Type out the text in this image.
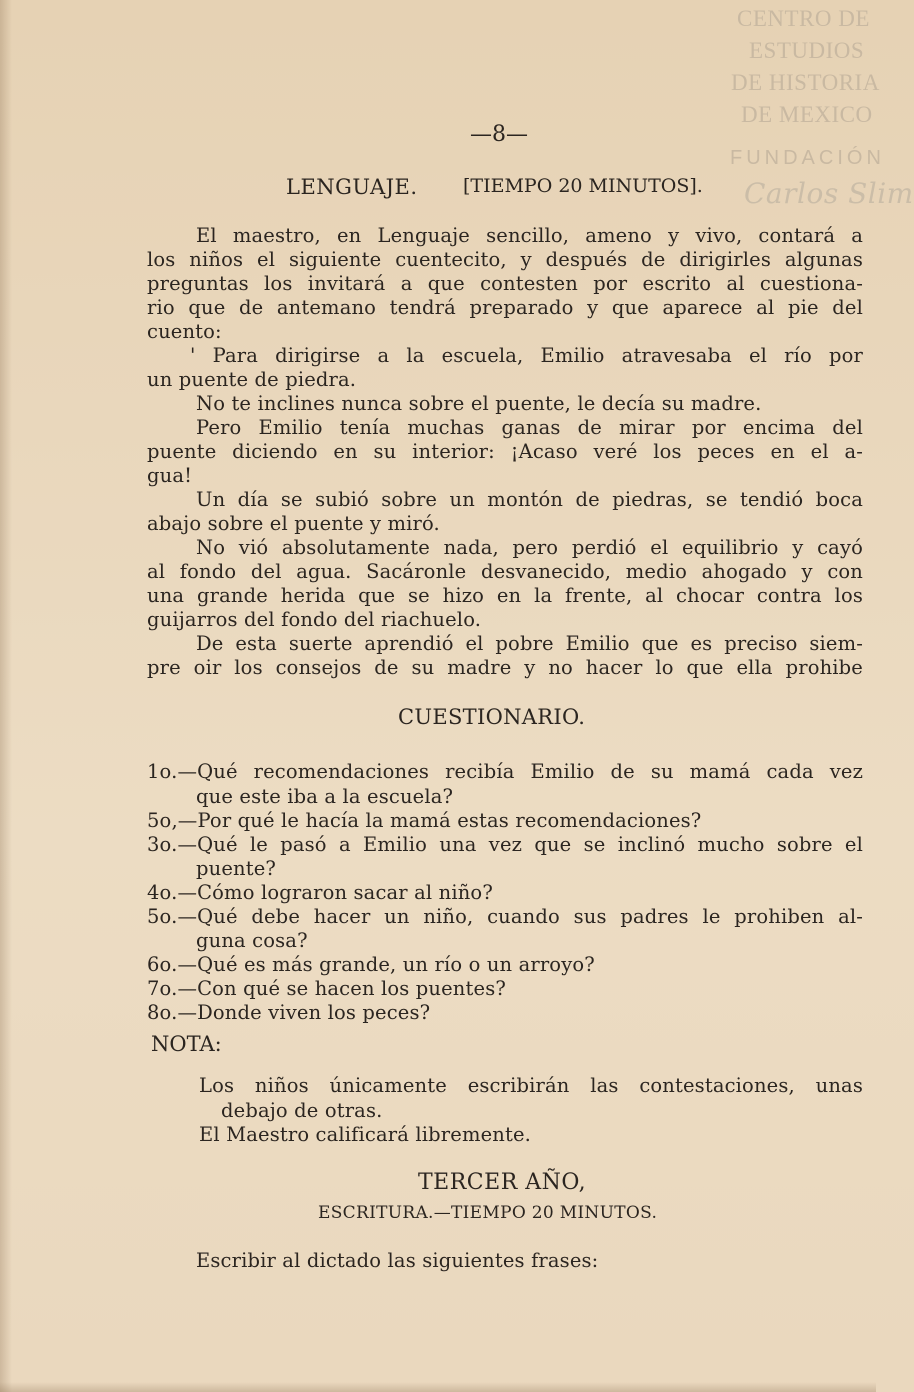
CENTRO DE
ESTUDIOS
DE HISTORIA
DE MEXICO
FUNDACIÓN
Carlos Slim
—8—
LENGUAJE. [TIEMPO 20 MINUTOS].
El maestro, en Lenguaje sencillo, ameno y vivo, contará a
los niños el siguiente cuentecito, y después de dirigirles algunas
preguntas los invitará a que contesten por escrito al cuestiona-
rio que de antemano tendrá preparado y que aparece al pie del
cuento:
' Para dirigirse a la escuela, Emilio atravesaba el río por
un puente de piedra.
No te inclines nunca sobre el puente, le decía su madre.
Pero Emilio tenía muchas ganas de mirar por encima del
puente diciendo en su interior: ¡Acaso veré los peces en el a-
gua!
Un día se subió sobre un montón de piedras, se tendió boca
abajo sobre el puente y miró.
No vió absolutamente nada, pero perdió el equilibrio y cayó
al fondo del agua. Sacáronle desvanecido, medio ahogado y con
una grande herida que se hizo en la frente, al chocar contra los
guijarros del fondo del riachuelo.
De esta suerte aprendió el pobre Emilio que es preciso siem-
pre oir los consejos de su madre y no hacer lo que ella prohibe
CUESTIONARIO.
1o.—Qué recomendaciones recibía Emilio de su mamá cada vez
que este iba a la escuela?
5o,—Por qué le hacía la mamá estas recomendaciones?
3o.—Qué le pasó a Emilio una vez que se inclinó mucho sobre el
puente?
4o.—Cómo lograron sacar al niño?
5o.—Qué debe hacer un niño, cuando sus padres le prohiben al-
guna cosa?
6o.—Qué es más grande, un río o un arroyo?
7o.—Con qué se hacen los puentes?
8o.—Donde viven los peces?
NOTA:
Los niños únicamente escribirán las contestaciones, unas
debajo de otras.
El Maestro calificará libremente.
TERCER AÑO,
ESCRITURA.—TIEMPO 20 MINUTOS.
Escribir al dictado las siguientes frases:
